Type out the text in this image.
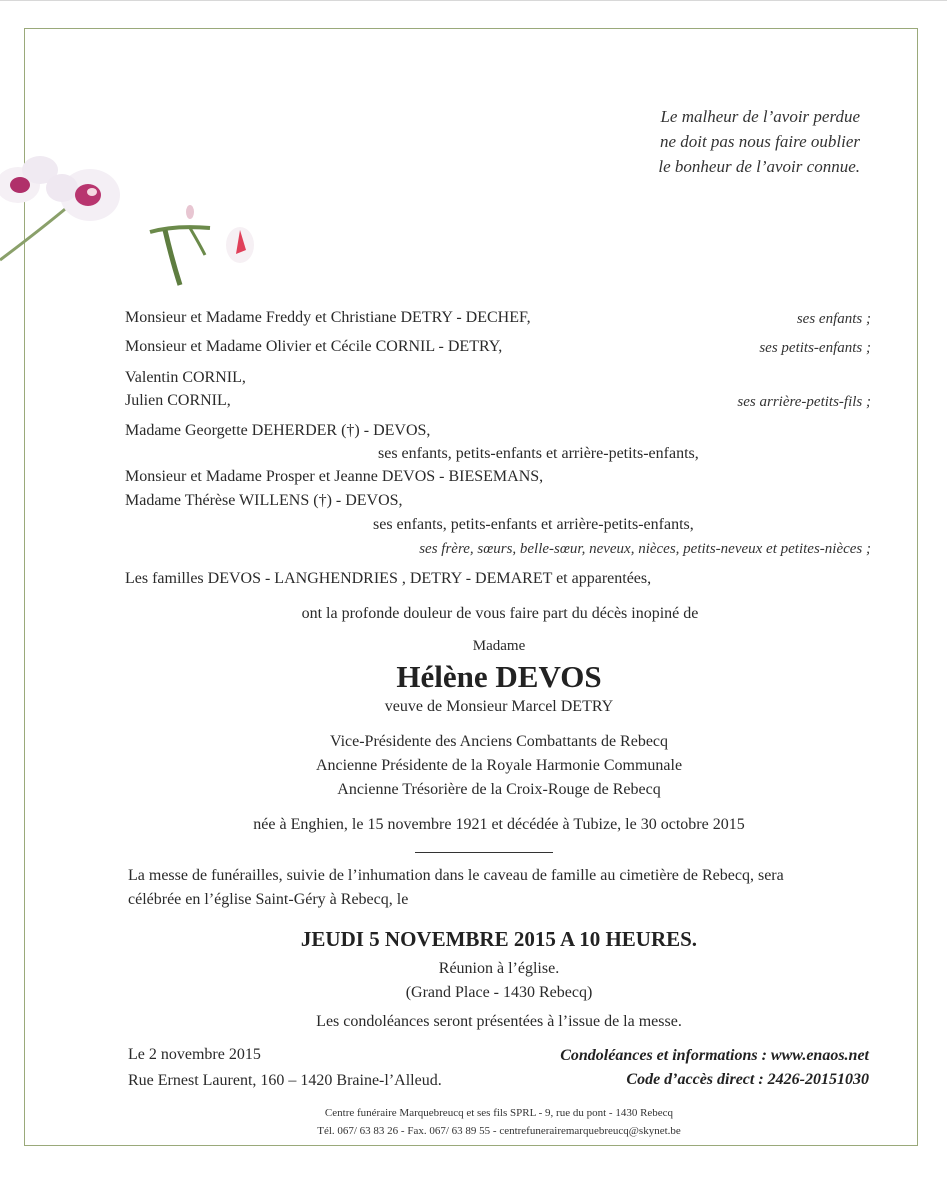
Le malheur de l’avoir perdue
ne doit pas nous faire oublier
le bonheur de l’avoir connue.
Monsieur et Madame Freddy et Christiane DETRY - DECHEF,	ses enfants ;
Monsieur et Madame Olivier et Cécile CORNIL - DETRY,	ses petits-enfants ;
Valentin CORNIL,
Julien CORNIL,	ses arrière-petits-fils ;
Madame Georgette DEHERDER (†) - DEVOS,
ses enfants, petits-enfants et arrière-petits-enfants,
Monsieur et Madame Prosper et Jeanne DEVOS - BIESEMANS,
Madame Thérèse WILLENS (†) - DEVOS,
ses enfants, petits-enfants et arrière-petits-enfants,
ses frère, sœurs, belle-sœur, neveux, nièces, petits-neveux et petites-nièces ;
Les familles DEVOS - LANGHENDRIES , DETRY - DEMARET et apparentées,
ont la profonde douleur de vous faire part du décès inopiné de
Madame
Hélène DEVOS
veuve de Monsieur Marcel DETRY
Vice-Présidente des Anciens Combattants de Rebecq
Ancienne Présidente de la Royale Harmonie Communale
Ancienne Trésorière de la Croix-Rouge de Rebecq
née à Enghien, le 15 novembre 1921 et décédée à Tubize, le 30 octobre 2015
La messe de funérailles, suivie de l’inhumation dans le caveau de famille au cimetière de Rebecq, sera
célébrée en l’église Saint-Géry à Rebecq, le
JEUDI 5 NOVEMBRE 2015 A 10 HEURES.
Réunion à l’église.
(Grand Place - 1430 Rebecq)
Les condoléances seront présentées à l’issue de la messe.
Le 2 novembre 2015
Rue Ernest Laurent, 160 – 1420 Braine-l’Alleud.
Condoléances et informations : www.enaos.net
Code d’accès direct : 2426-20151030
Centre funéraire Marquebreucq et ses fils SPRL - 9, rue du pont - 1430 Rebecq
Tél. 067/ 63 83 26 - Fax. 067/ 63 89 55 - centrefunerairemarquebreucq@skynet.be
